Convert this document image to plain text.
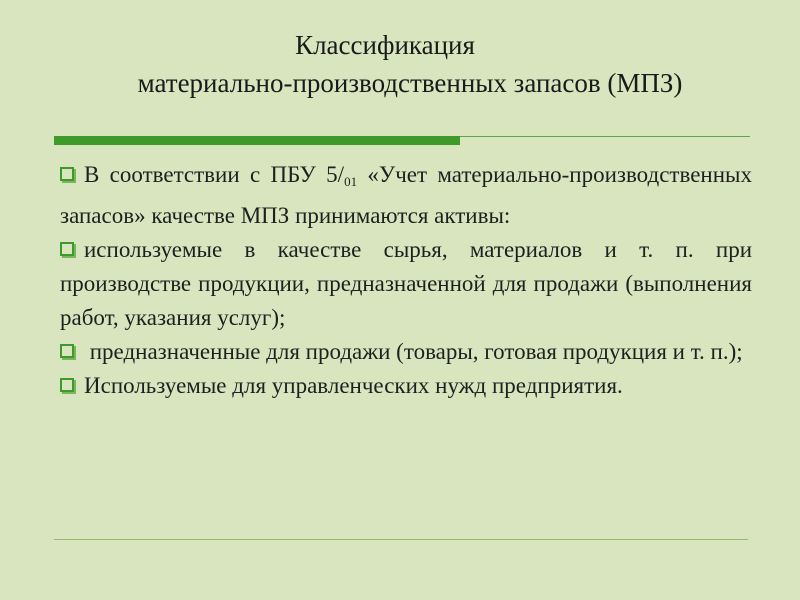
Классификация
материально-производственных запасов (МПЗ)

В соответствии с ПБУ $5/_{01}$ «Учет материально-производственных запасов» качестве МПЗ принимаются активы:

используемые в качестве сырья, материалов и т. п. при производстве продукции, предназначенной для продажи (выполнения работ, указания услуг);

предназначенные для продажи (товары, готовая продукция и т. п.);

Используемые для управленческих нужд предприятия.
